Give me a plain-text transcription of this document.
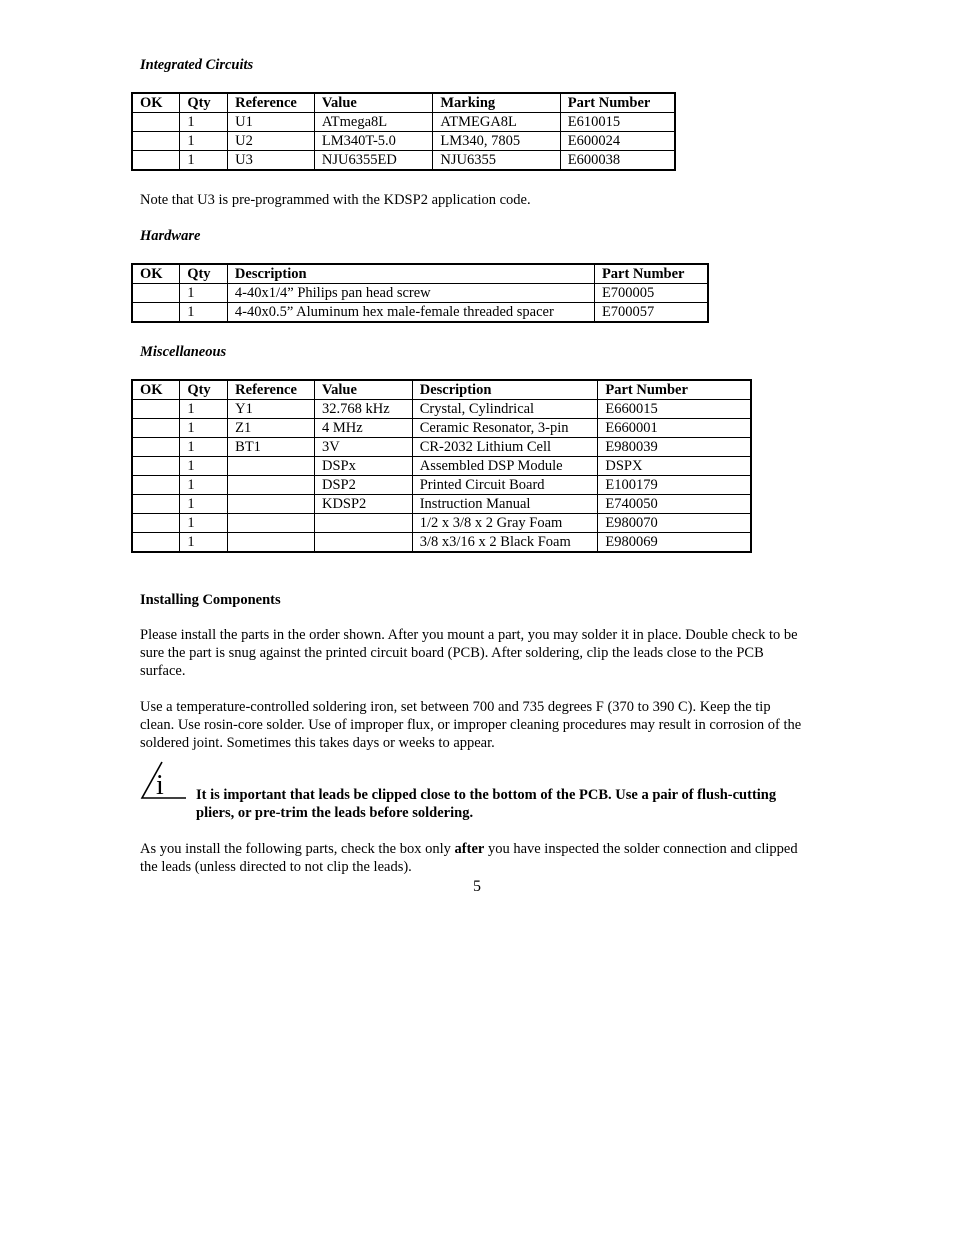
Integrated Circuits
OK	Qty	Reference	Value	Marking	Part Number
	1	U1	ATmega8L	ATMEGA8L	E610015
	1	U2	LM340T-5.0	LM340, 7805	E600024
	1	U3	NJU6355ED	NJU6355	E600038
Note that U3 is pre-programmed with the KDSP2 application code.
Hardware
OK	Qty	Description	Part Number
	1	4-40x1/4” Philips pan head screw	E700005
	1	4-40x0.5” Aluminum hex male-female threaded spacer	E700057
Miscellaneous
OK	Qty	Reference	Value	Description	Part Number
	1	Y1	32.768 kHz	Crystal, Cylindrical	E660015
	1	Z1	4 MHz	Ceramic Resonator, 3-pin	E660001
	1	BT1	3V	CR-2032 Lithium Cell	E980039
	1		DSPx	Assembled DSP Module	DSPX
	1		DSP2	Printed Circuit Board	E100179
	1		KDSP2	Instruction Manual	E740050
	1			1/2 x 3/8 x 2 Gray Foam	E980070
	1			3/8 x3/16 x 2 Black Foam	E980069
Installing Components

Please install the parts in the order shown. After you mount a part, you may solder it in place. Double check to be sure the part is snug against the printed circuit board (PCB). After soldering, clip the leads close to the PCB surface.

Use a temperature-controlled soldering iron, set between 700 and 735 degrees F (370 to 390 C). Keep the tip clean. Use rosin-core solder. Use of improper flux, or improper cleaning procedures may result in corrosion of the soldered joint. Sometimes this takes days or weeks to appear.

i It is important that leads be clipped close to the bottom of the PCB. Use a pair of flush-cutting pliers, or pre-trim the leads before soldering.

As you install the following parts, check the box only after you have inspected the solder connection and clipped the leads (unless directed to not clip the leads).

5
